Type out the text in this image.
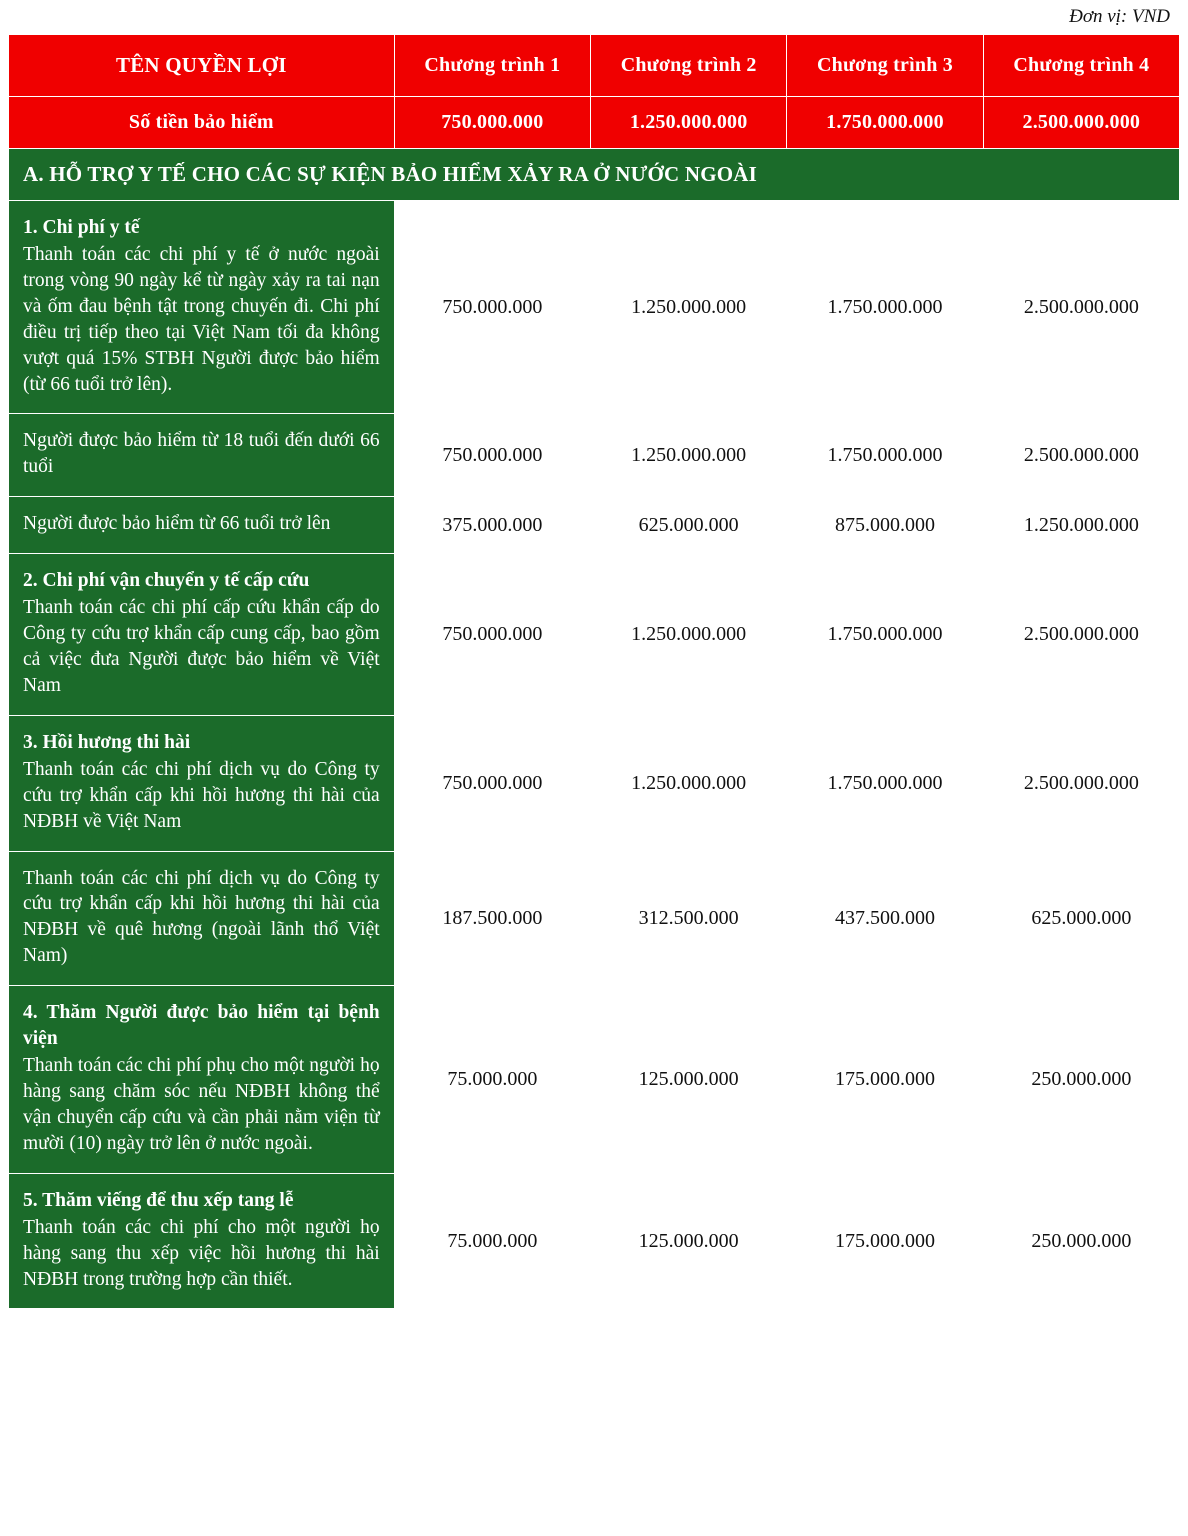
Đơn vị: VND
TÊN QUYỀN LỢI	Chương trình 1	Chương trình 2	Chương trình 3	Chương trình 4
Số tiền bảo hiểm	750.000.000	1.250.000.000	1.750.000.000	2.500.000.000
A. HỖ TRỢ Y TẾ CHO CÁC SỰ KIỆN BẢO HIỂM XẢY RA Ở NƯỚC NGOÀI				

1. Chi phí y tế
Thanh toán các chi phí y tế ở nước ngoài trong vòng 90 ngày kể từ ngày xảy ra tai nạn và ốm đau bệnh tật trong chuyến đi. Chi phí điều trị tiếp theo tại Việt Nam tối đa không vượt quá 15% STBH Người được bảo hiểm (từ 66 tuổi trở lên).	750.000.000	1.250.000.000	1.750.000.000	2.500.000.000
Người được bảo hiểm từ 18 tuổi đến dưới 66 tuổi	750.000.000	1.250.000.000	1.750.000.000	2.500.000.000
Người được bảo hiểm từ 66 tuổi trở lên	375.000.000	625.000.000	875.000.000	1.250.000.000

2. Chi phí vận chuyển y tế cấp cứu
Thanh toán các chi phí cấp cứu khẩn cấp do Công ty cứu trợ khẩn cấp cung cấp, bao gồm cả việc đưa Người được bảo hiểm về Việt Nam	750.000.000	1.250.000.000	1.750.000.000	2.500.000.000

3. Hồi hương thi hài
Thanh toán các chi phí dịch vụ do Công ty cứu trợ khẩn cấp khi hồi hương thi hài của NĐBH về Việt Nam	750.000.000	1.250.000.000	1.750.000.000	2.500.000.000
Thanh toán các chi phí dịch vụ do Công ty cứu trợ khẩn cấp khi hồi hương thi hài của NĐBH về quê hương (ngoài lãnh thổ Việt Nam)	187.500.000	312.500.000	437.500.000	625.000.000

4. Thăm Người được bảo hiểm tại bệnh viện
Thanh toán các chi phí phụ cho một người họ hàng sang chăm sóc nếu NĐBH không thể vận chuyển cấp cứu và cần phải nằm viện từ mười (10) ngày trở lên ở nước ngoài.	75.000.000	125.000.000	175.000.000	250.000.000

5. Thăm viếng để thu xếp tang lễ
Thanh toán các chi phí cho một người họ hàng sang thu xếp việc hồi hương thi hài NĐBH trong trường hợp cần thiết.	75.000.000	125.000.000	175.000.000	250.000.000
